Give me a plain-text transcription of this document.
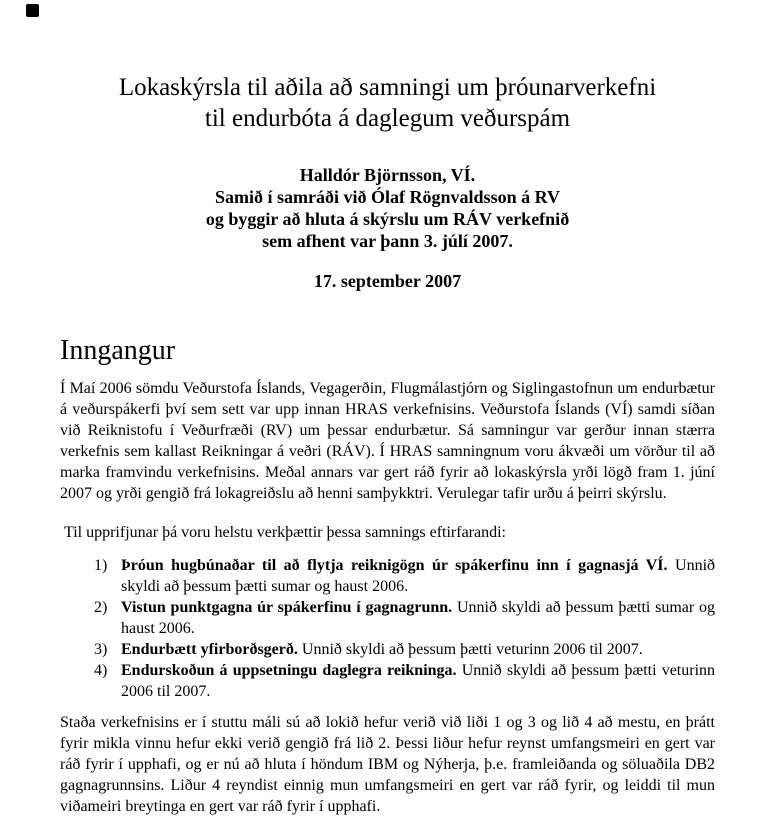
Lokaskýrsla til aðila að samningi um þróunarverkefni
til endurbóta á daglegum veðurspám
Halldór Björnsson, VÍ.
Samið í samráði við Ólaf Rögnvaldsson á RV
og byggir að hluta á skýrslu um RÁV verkefnið
sem afhent var þann 3. júlí 2007.
17. september 2007
Inngangur

Í Maí 2006 sömdu Veðurstofa Íslands, Vegagerðin, Flugmálastjórn og Siglingastofnun um endurbætur á veðurspákerfi því sem sett var upp innan HRAS verkefnisins. Veðurstofa Íslands (VÍ) samdi síðan við Reiknistofu í Veðurfræði (RV) um þessar endurbætur. Sá samningur var gerður innan stærra verkefnis sem kallast Reikningar á veðri (RÁV). Í HRAS samningnum voru ákvæði um vörður til að marka framvindu verkefnisins. Meðal annars var gert ráð fyrir að lokaskýrsla yrði lögð fram 1. júní 2007 og yrði gengið frá lokagreiðslu að henni samþykktri. Verulegar tafir urðu á þeirri skýrslu.

Til upprifjunar þá voru helstu verkþættir þessa samnings eftirfarandi:

1) Þróun hugbúnaðar til að flytja reiknigögn úr spákerfinu inn í gagnasjá VÍ. Unnið skyldi að þessum þætti sumar og haust 2006.
2) Vistun punktgagna úr spákerfinu í gagnagrunn. Unnið skyldi að þessum þætti sumar og haust 2006.
3) Endurbætt yfirborðsgerð. Unnið skyldi að þessum þætti veturinn 2006 til 2007.
4) Endurskoðun á uppsetningu daglegra reikninga. Unnið skyldi að þessum þætti veturinn 2006 til 2007.

Staða verkefnisins er í stuttu máli sú að lokið hefur verið við liði 1 og 3 og lið 4 að mestu, en þrátt fyrir mikla vinnu hefur ekki verið gengið frá lið 2. Þessi liður hefur reynst umfangsmeiri en gert var ráð fyrir í upphafi, og er nú að hluta í höndum IBM og Nýherja, þ.e. framleiðanda og söluaðila DB2 gagnagrunnsins. Liður 4 reyndist einnig mun umfangsmeiri en gert var ráð fyrir, og leiddi til mun viðameiri breytinga en gert var ráð fyrir í upphafi.
